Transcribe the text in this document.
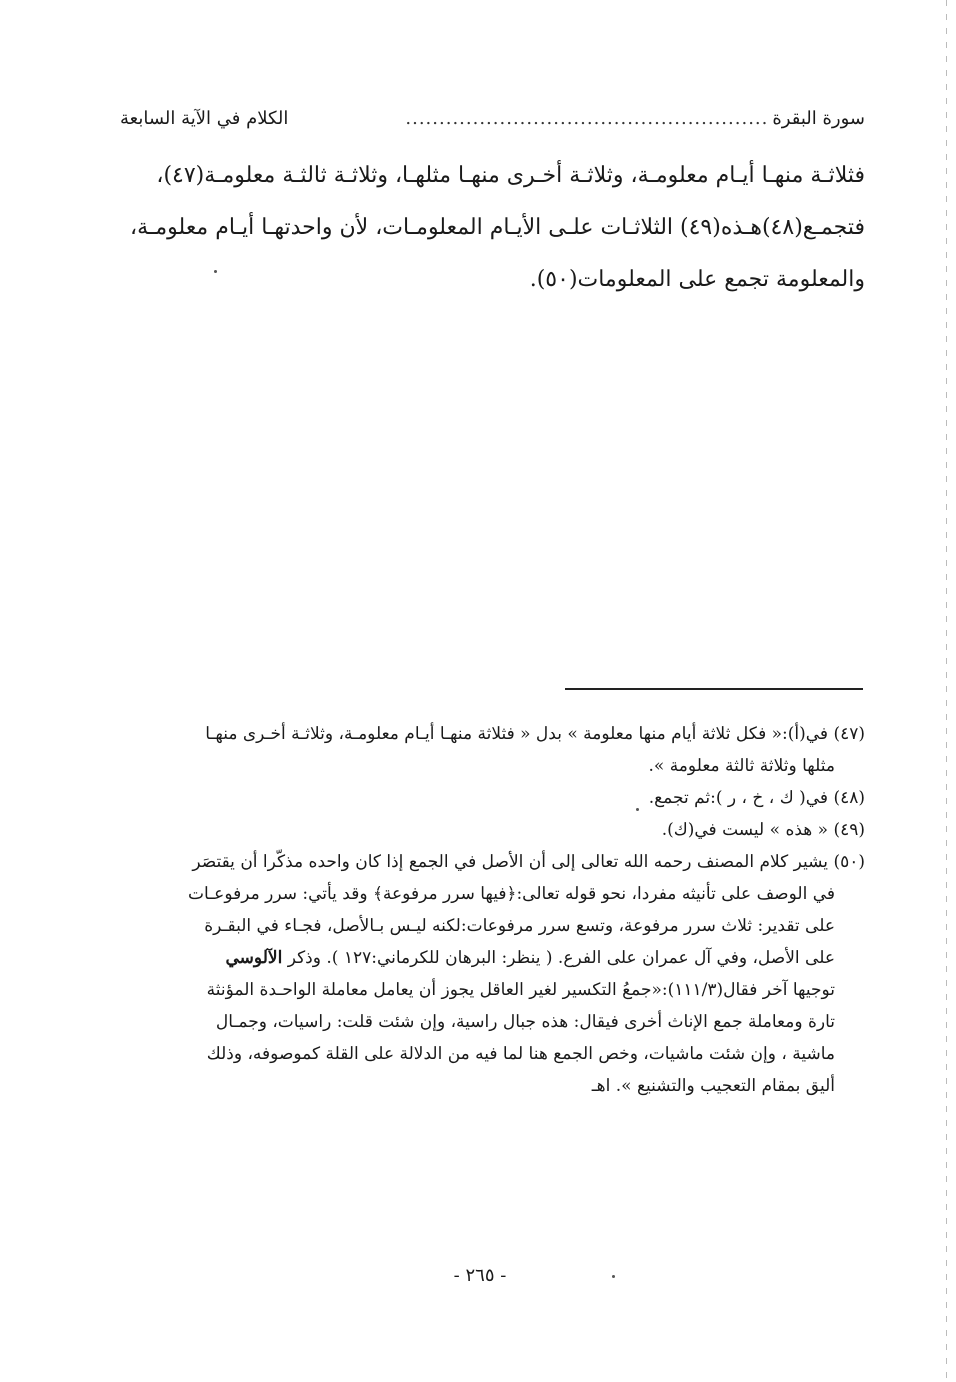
سورة البقرة
......................................................
الكلام في الآية السابعة

فثلاثـة منهـا أيـام معلومـة، وثلاثـة أخـرى منهـا مثلهـا، وثلاثـة ثالثـة معلومـة(٤٧)،

فتجمـع(٤٨)هـذه(٤٩) الثلاثـات علـى الأيـام المعلومـات، لأن واحدتهـا أيـام معلومـة،

والمعلومة تجمع على المعلومات(٥٠).

(٤٧) في(أ):« فكل ثلاثة أيام منها معلومة » بدل « فثلاثة منهـا أيـام معلومـة، وثلاثـة أخـرى منهـا
مثلها وثلاثة ثالثة معلومة ».
(٤٨) في( ك ، خ ، ر ):ثم تجمع.
(٤٩) « هذه » ليست في(ك).
(٥٠) يشير كلام المصنف رحمه الله تعالى إلى أن الأصل في الجمع إذا كان واحده مذكّرا أن يقتصَر
في الوصف على تأنيثه مفردا، نحو قوله تعالى:﴿فيها سرر مرفوعة﴾ وقد يأتي: سرر مرفوعـات
على تقدير: ثلاث سرر مرفوعة، وتسع سرر مرفوعات:لكنه ليـس بـالأصل، فجـاء في البقـرة
على الأصل، وفي آل عمران على الفرع. ( ينظر: البرهان للكرماني:١٢٧ ). وذكر الآلوسي
توجيها آخر فقال(١١١/٣):«جمعُ التكسير لغير العاقل يجوز أن يعامل معاملة الواحـدة المؤنثة
تارة ومعاملة جمع الإناث أخرى فيقال: هذه جبال راسية، وإن شئت قلت: راسيات، وجمـال
ماشية ، وإن شئت ماشيات، وخص الجمع هنا لما فيه من الدلالة على القلة كموصوفه، وذلك
أليق بمقام التعجيب والتشنيع ». اهـ
- ٢٦٥ -
